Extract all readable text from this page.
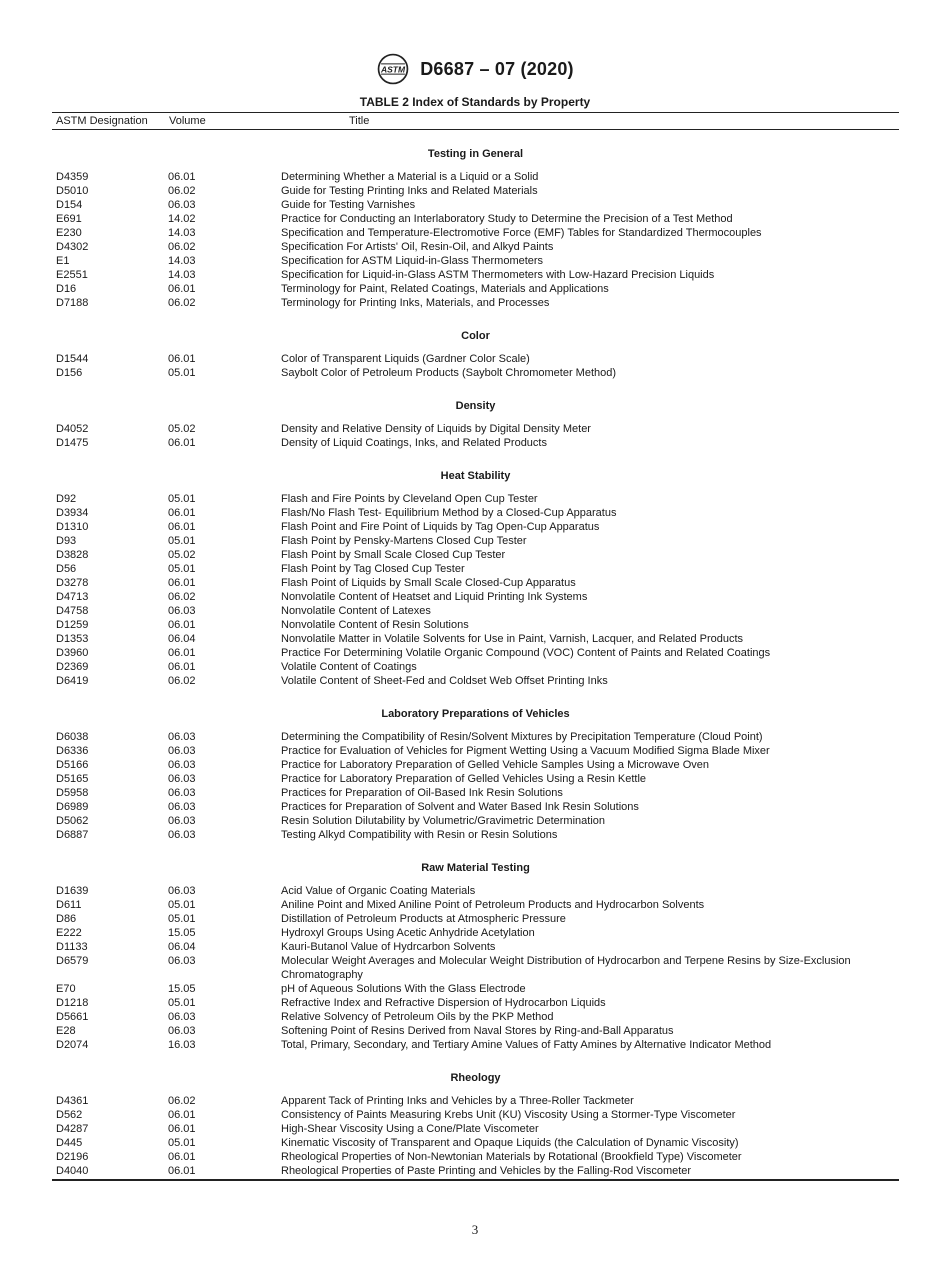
ASTM D6687 – 07 (2020)
TABLE 2 Index of Standards by Property
ASTM Designation Volume	Title
Testing in General
D4359	06.01	Determining Whether a Material is a Liquid or a Solid
D5010	06.02	Guide for Testing Printing Inks and Related Materials
D154	06.03	Guide for Testing Varnishes
E691	14.02	Practice for Conducting an Interlaboratory Study to Determine the Precision of a Test Method
E230	14.03	Specification and Temperature-Electromotive Force (EMF) Tables for Standardized Thermocouples
D4302	06.02	Specification For Artists' Oil, Resin-Oil, and Alkyd Paints
E1	14.03	Specification for ASTM Liquid-in-Glass Thermometers
E2551	14.03	Specification for Liquid-in-Glass ASTM Thermometers with Low-Hazard Precision Liquids
D16	06.01	Terminology for Paint, Related Coatings, Materials and Applications
D7188	06.02	Terminology for Printing Inks, Materials, and Processes
Color
D1544	06.01	Color of Transparent Liquids (Gardner Color Scale)
D156	05.01	Saybolt Color of Petroleum Products (Saybolt Chromometer Method)
Density
D4052	05.02	Density and Relative Density of Liquids by Digital Density Meter
D1475	06.01	Density of Liquid Coatings, Inks, and Related Products
Heat Stability
D92	05.01	Flash and Fire Points by Cleveland Open Cup Tester
D3934	06.01	Flash/No Flash Test- Equilibrium Method by a Closed-Cup Apparatus
D1310	06.01	Flash Point and Fire Point of Liquids by Tag Open-Cup Apparatus
D93	05.01	Flash Point by Pensky-Martens Closed Cup Tester
D3828	05.02	Flash Point by Small Scale Closed Cup Tester
D56	05.01	Flash Point by Tag Closed Cup Tester
D3278	06.01	Flash Point of Liquids by Small Scale Closed-Cup Apparatus
D4713	06.02	Nonvolatile Content of Heatset and Liquid Printing Ink Systems
D4758	06.03	Nonvolatile Content of Latexes
D1259	06.01	Nonvolatile Content of Resin Solutions
D1353	06.04	Nonvolatile Matter in Volatile Solvents for Use in Paint, Varnish, Lacquer, and Related Products
D3960	06.01	Practice For Determining Volatile Organic Compound (VOC) Content of Paints and Related Coatings
D2369	06.01	Volatile Content of Coatings
D6419	06.02	Volatile Content of Sheet-Fed and Coldset Web Offset Printing Inks
Laboratory Preparations of Vehicles
D6038	06.03	Determining the Compatibility of Resin/Solvent Mixtures by Precipitation Temperature (Cloud Point)
D6336	06.03	Practice for Evaluation of Vehicles for Pigment Wetting Using a Vacuum Modified Sigma Blade Mixer
D5166	06.03	Practice for Laboratory Preparation of Gelled Vehicle Samples Using a Microwave Oven
D5165	06.03	Practice for Laboratory Preparation of Gelled Vehicles Using a Resin Kettle
D5958	06.03	Practices for Preparation of Oil-Based Ink Resin Solutions
D6989	06.03	Practices for Preparation of Solvent and Water Based Ink Resin Solutions
D5062	06.03	Resin Solution Dilutability by Volumetric/Gravimetric Determination
D6887	06.03	Testing Alkyd Compatibility with Resin or Resin Solutions
Raw Material Testing
D1639	06.03	Acid Value of Organic Coating Materials
D611	05.01	Aniline Point and Mixed Aniline Point of Petroleum Products and Hydrocarbon Solvents
D86	05.01	Distillation of Petroleum Products at Atmospheric Pressure
E222	15.05	Hydroxyl Groups Using Acetic Anhydride Acetylation
D1133	06.04	Kauri-Butanol Value of Hydrcarbon Solvents
D6579	06.03	Molecular Weight Averages and Molecular Weight Distribution of Hydrocarbon and Terpene Resins by Size-Exclusion Chromatography
E70	15.05	pH of Aqueous Solutions With the Glass Electrode
D1218	05.01	Refractive Index and Refractive Dispersion of Hydrocarbon Liquids
D5661	06.03	Relative Solvency of Petroleum Oils by the PKP Method
E28	06.03	Softening Point of Resins Derived from Naval Stores by Ring-and-Ball Apparatus
D2074	16.03	Total, Primary, Secondary, and Tertiary Amine Values of Fatty Amines by Alternative Indicator Method
Rheology
D4361	06.02	Apparent Tack of Printing Inks and Vehicles by a Three-Roller Tackmeter
D562	06.01	Consistency of Paints Measuring Krebs Unit (KU) Viscosity Using a Stormer-Type Viscometer
D4287	06.01	High-Shear Viscosity Using a Cone/Plate Viscometer
D445	05.01	Kinematic Viscosity of Transparent and Opaque Liquids (the Calculation of Dynamic Viscosity)
D2196	06.01	Rheological Properties of Non-Newtonian Materials by Rotational (Brookfield Type) Viscometer
D4040	06.01	Rheological Properties of Paste Printing and Vehicles by the Falling-Rod Viscometer
3
